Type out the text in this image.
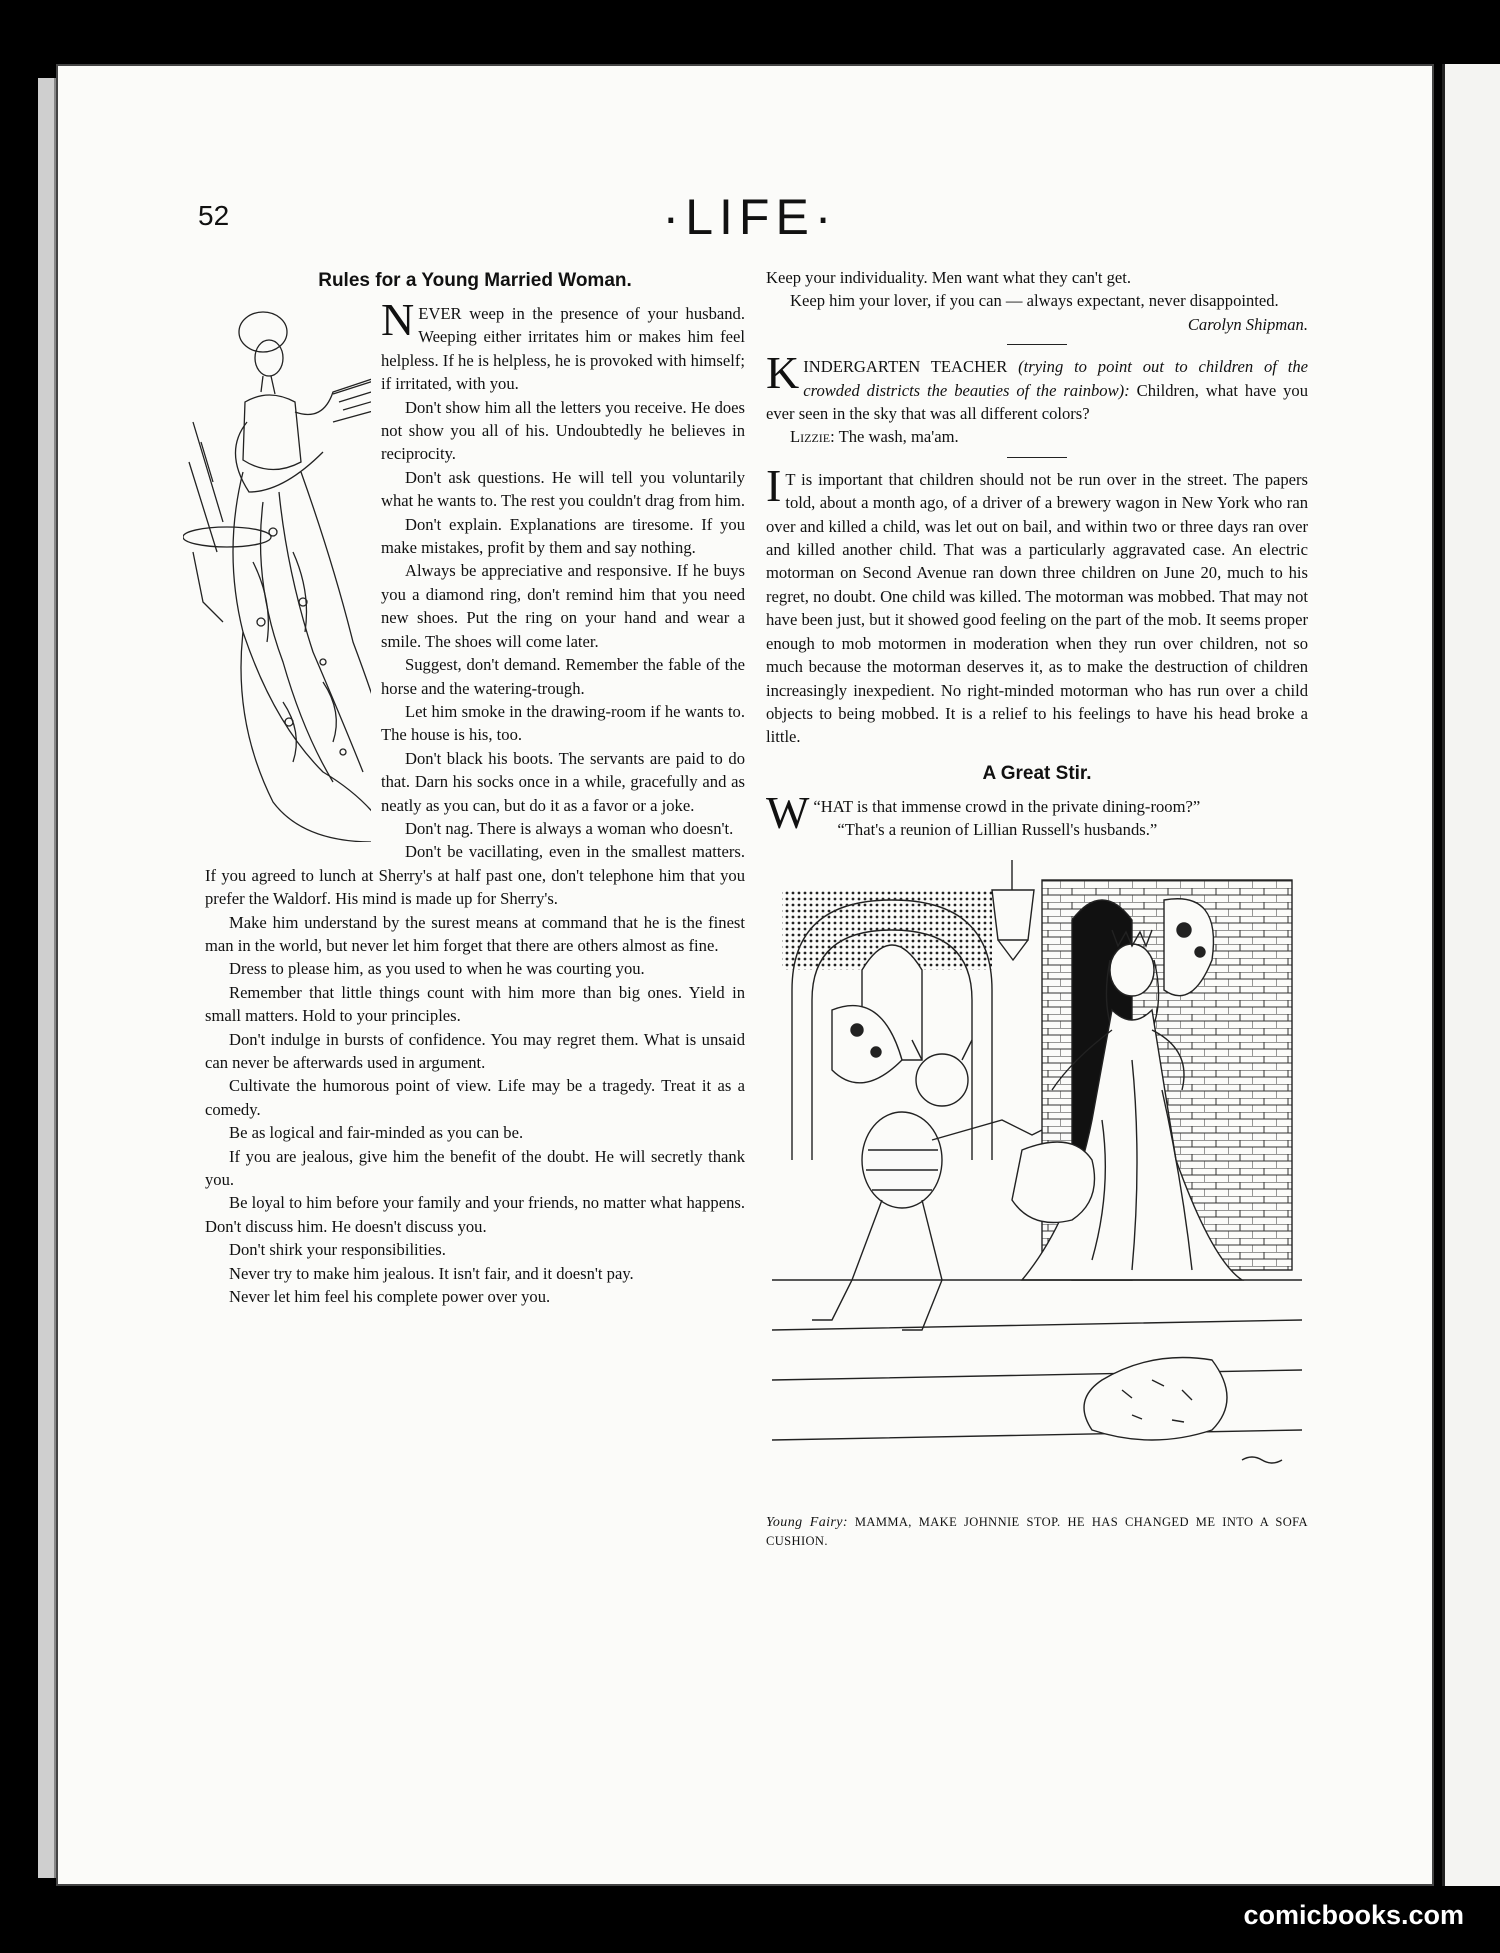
52	·LIFE·
Rules for a Young Married Woman.

NEVER weep in the presence of your husband. Weeping either irritates him or makes him feel helpless. If he is helpless, he is provoked with himself; if irritated, with you.

Don't show him all the letters you receive. He does not show you all of his. Undoubtedly he believes in reciprocity.

Don't ask questions. He will tell you voluntarily what he wants to. The rest you couldn't drag from him.

Don't explain. Explanations are tiresome. If you make mistakes, profit by them and say nothing.

Always be appreciative and responsive. If he buys you a diamond ring, don't remind him that you need new shoes. Put the ring on your hand and wear a smile. The shoes will come later.

Suggest, don't demand. Remember the fable of the horse and the watering-trough.

Let him smoke in the drawing-room if he wants to. The house is his, too.

Don't black his boots. The servants are paid to do that. Darn his socks once in a while, gracefully and as neatly as you can, but do it as a favor or a joke.

Don't nag. There is always a woman who doesn't.

Don't be vacillating, even in the smallest matters. If you agreed to lunch at Sherry's at half past one, don't telephone him that you prefer the Waldorf. His mind is made up for Sherry's.

Make him understand by the surest means at command that he is the finest man in the world, but never let him forget that there are others almost as fine.

Dress to please him, as you used to when he was courting you.

Remember that little things count with him more than big ones. Yield in small matters. Hold to your principles.

Don't indulge in bursts of confidence. You may regret them. What is unsaid can never be afterwards used in argument.

Cultivate the humorous point of view. Life may be a tragedy. Treat it as a comedy.

Be as logical and fair-minded as you can be.

If you are jealous, give him the benefit of the doubt. He will secretly thank you.

Be loyal to him before your family and your friends, no matter what happens. Don't discuss him. He doesn't discuss you.

Don't shirk your responsibilities.

Never try to make him jealous. It isn't fair, and it doesn't pay.

Never let him feel his complete power over you.

Keep your individuality. Men want what they can't get.

Keep him your lover, if you can — always expectant, never disappointed.

Carolyn Shipman.

KINDERGARTEN TEACHER (trying to point out to children of the crowded districts the beauties of the rainbow): Children, what have you ever seen in the sky that was all different colors?

Lizzie: The wash, ma'am.

I T is important that children should not be run over in the street. The papers told, about a month ago, of a driver of a brewery wagon in New York who ran over and killed a child, was let out on bail, and within two or three days ran over and killed another child. That was a particularly aggravated case. An electric motorman on Second Avenue ran down three children on June 20, much to his regret, no doubt. One child was killed. The motorman was mobbed. That may not have been just, but it showed good feeling on the part of the mob. It seems proper enough to mob motormen in moderation when they run over children, not so much because the motorman deserves it, as to make the destruction of children increasingly inexpedient. No right-minded motorman who has run over a child objects to being mobbed. It is a relief to his feelings to have his head broke a little.

A Great Stir.

“
W HAT is that immense crowd in the private dining-room?”

“That's a reunion of Lillian Russell's husbands.”

Young Fairy: MAMMA, MAKE JOHNNIE STOP. HE HAS CHANGED ME INTO A SOFA CUSHION.
comicbooks.com
